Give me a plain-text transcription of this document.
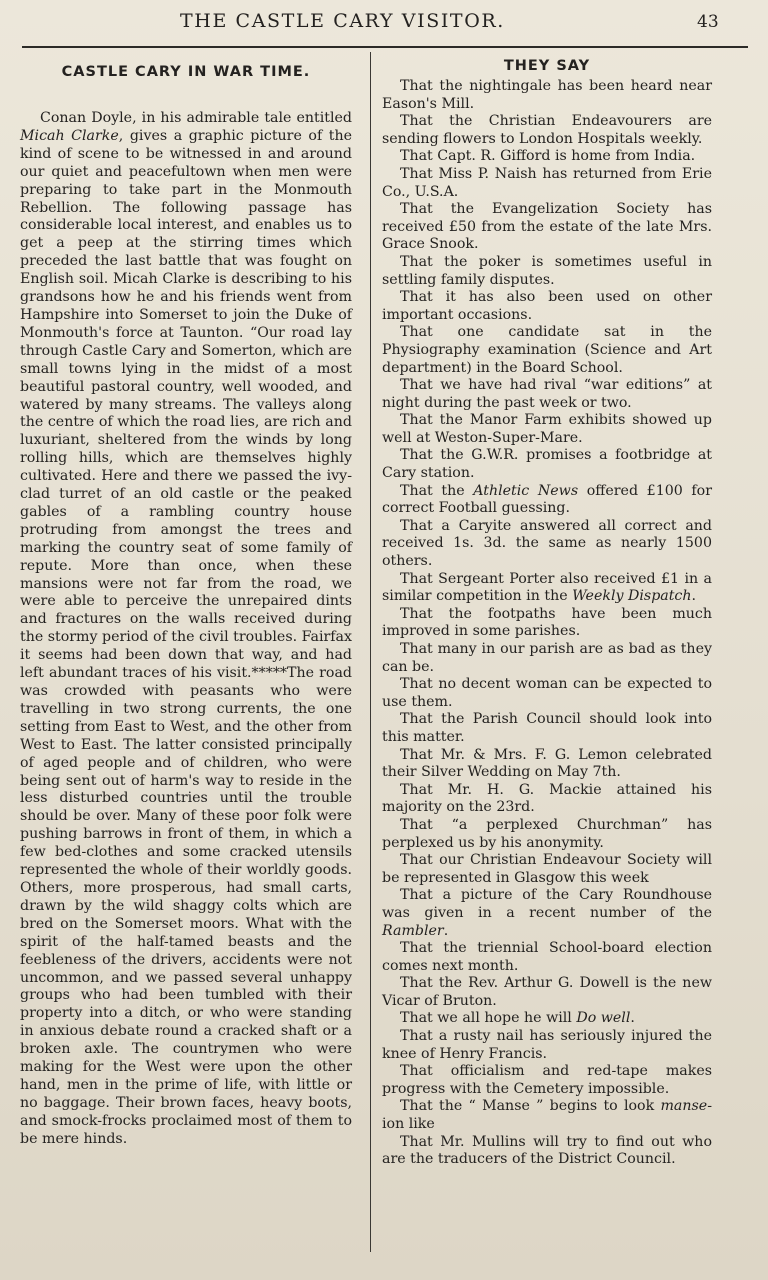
THE CASTLE CARY VISITOR.	43
CASTLE CARY IN WAR TIME.

Conan Doyle, in his admirable tale entitled Micah Clarke, gives a graphic picture of the kind of scene to be witnessed in and around our quiet and peacefultown when men were preparing to take part in the Monmouth Rebellion. The following passage has considerable local interest, and enables us to get a peep at the stirring times which preceded the last battle that was fought on English soil. Micah Clarke is describing to his grandsons how he and his friends went from Hampshire into Somerset to join the Duke of Monmouth's force at Taunton. “Our road lay through Castle Cary and Somerton, which are small towns lying in the midst of a most beautiful pastoral country, well wooded, and watered by many streams. The valleys along the centre of which the road lies, are rich and luxuriant, sheltered from the winds by long rolling hills, which are themselves highly cultivated. Here and there we passed the ivy-clad turret of an old castle or the peaked gables of a rambling country house protruding from amongst the trees and marking the country seat of some family of repute. More than once, when these mansions were not far from the road, we were able to perceive the unrepaired dints and fractures on the walls received during the stormy period of the civil troubles. Fairfax it seems had been down that way, and had left abundant traces of his visit.*****The road was crowded with peasants who were travelling in two strong currents, the one setting from East to West, and the other from West to East. The latter consisted principally of aged people and of children, who were being sent out of harm's way to reside in the less disturbed countries until the trouble should be over. Many of these poor folk were pushing barrows in front of them, in which a few bed-clothes and some cracked utensils represented the whole of their worldly goods. Others, more prosperous, had small carts, drawn by the wild shaggy colts which are bred on the Somerset moors. What with the spirit of the half-tamed beasts and the feebleness of the drivers, accidents were not uncommon, and we passed several unhappy groups who had been tumbled with their property into a ditch, or who were standing in anxious debate round a cracked shaft or a broken axle. The countrymen who were making for the West were upon the other hand, men in the prime of life, with little or no baggage. Their brown faces, heavy boots, and smock-frocks proclaimed most of them to be mere hinds.

THEY SAY

That the nightingale has been heard near Eason's Mill.

That the Christian Endeavourers are sending flowers to London Hospitals weekly.

That Capt. R. Gifford is home from India.

That Miss P. Naish has returned from Erie Co., U.S.A.

That the Evangelization Society has received £50 from the estate of the late Mrs. Grace Snook.

That the poker is sometimes useful in settling family disputes.

That it has also been used on other important occasions.

That one candidate sat in the Physiography examination (Science and Art department) in the Board School.

That we have had rival “war editions” at night during the past week or two.

That the Manor Farm exhibits showed up well at Weston-Super-Mare.

That the G.W.R. promises a footbridge at Cary station.

That the Athletic News offered £100 for correct Football guessing.

That a Caryite answered all correct and received 1s. 3d. the same as nearly 1500 others.

That Sergeant Porter also received £1 in a similar competition in the Weekly Dispatch.

That the footpaths have been much improved in some parishes.

That many in our parish are as bad as they can be.

That no decent woman can be expected to use them.

That the Parish Council should look into this matter.

That Mr. & Mrs. F. G. Lemon celebrated their Silver Wedding on May 7th.

That Mr. H. G. Mackie attained his majority on the 23rd.

That “a perplexed Churchman” has perplexed us by his anonymity.

That our Christian Endeavour Society will be represented in Glasgow this week

That a picture of the Cary Roundhouse was given in a recent number of the Rambler.

That the triennial School-board election comes next month.

That the Rev. Arthur G. Dowell is the new Vicar of Bruton.

That we all hope he will Do well.

That a rusty nail has seriously injured the knee of Henry Francis.

That officialism and red-tape makes progress with the Cemetery impossible.

That the “ Manse ” begins to look manse-ion like

That Mr. Mullins will try to find out who are the traducers of the District Council.
